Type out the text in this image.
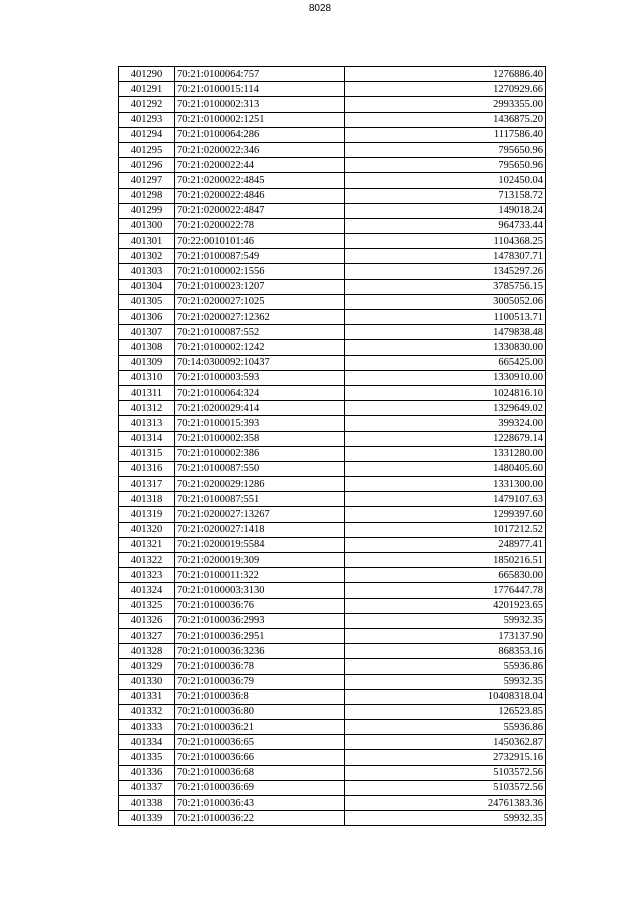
8028
401290	70:21:0100064:757	1276886.40
401291	70:21:0100015:114	1270929.66
401292	70:21:0100002:313	2993355.00
401293	70:21:0100002:1251	1436875.20
401294	70:21:0100064:286	1117586.40
401295	70:21:0200022:346	795650.96
401296	70:21:0200022:44	795650.96
401297	70:21:0200022:4845	102450.04
401298	70:21:0200022:4846	713158.72
401299	70:21:0200022:4847	149018.24
401300	70:21:0200022:78	964733.44
401301	70:22:0010101:46	1104368.25
401302	70:21:0100087:549	1478307.71
401303	70:21:0100002:1556	1345297.26
401304	70:21:0100023:1207	3785756.15
401305	70:21:0200027:1025	3005052.06
401306	70:21:0200027:12362	1100513.71
401307	70:21:0100087:552	1479838.48
401308	70:21:0100002:1242	1330830.00
401309	70:14:0300092:10437	665425.00
401310	70:21:0100003:593	1330910.00
401311	70:21:0100064:324	1024816.10
401312	70:21:0200029:414	1329649.02
401313	70:21:0100015:393	399324.00
401314	70:21:0100002:358	1228679.14
401315	70:21:0100002:386	1331280.00
401316	70:21:0100087:550	1480405.60
401317	70:21:0200029:1286	1331300.00
401318	70:21:0100087:551	1479107.63
401319	70:21:0200027:13267	1299397.60
401320	70:21:0200027:1418	1017212.52
401321	70:21:0200019:5584	248977.41
401322	70:21:0200019:309	1850216.51
401323	70:21:0100011:322	665830.00
401324	70:21:0100003:3130	1776447.78
401325	70:21:0100036:76	4201923.65
401326	70:21:0100036:2993	59932.35
401327	70:21:0100036:2951	173137.90
401328	70:21:0100036:3236	868353.16
401329	70:21:0100036:78	55936.86
401330	70:21:0100036:79	59932.35
401331	70:21:0100036:8	10408318.04
401332	70:21:0100036:80	126523.85
401333	70:21:0100036:21	55936.86
401334	70:21:0100036:65	1450362.87
401335	70:21:0100036:66	2732915.16
401336	70:21:0100036:68	5103572.56
401337	70:21:0100036:69	5103572.56
401338	70:21:0100036:43	24761383.36
401339	70:21:0100036:22	59932.35
